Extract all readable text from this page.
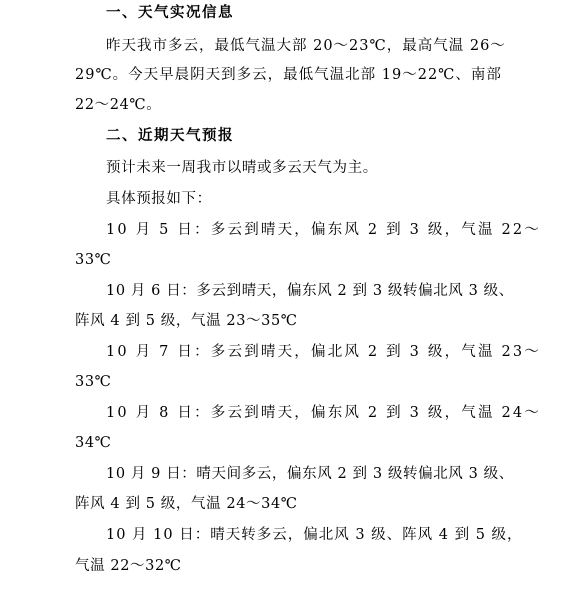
一、天气实况信息
昨天我市多云，最低气温大部 20～23℃，最高气温 26～
29℃。今天早晨阴天到多云，最低气温北部 19～22℃、南部
22～24℃。
二、近期天气预报
预计未来一周我市以晴或多云天气为主。
具体预报如下：
10 月 5 日：多云到晴天，偏东风 2 到 3 级，气温 22～
33℃
10 月 6 日：多云到晴天，偏东风 2 到 3 级转偏北风 3 级、
阵风 4 到 5 级，气温 23～35℃
10 月 7 日：多云到晴天，偏北风 2 到 3 级，气温 23～
33℃
10 月 8 日：多云到晴天，偏东风 2 到 3 级，气温 24～
34℃
10 月 9 日：晴天间多云，偏东风 2 到 3 级转偏北风 3 级、
阵风 4 到 5 级，气温 24～34℃
10 月 10 日：晴天转多云，偏北风 3 级、阵风 4 到 5 级，
气温 22～32℃
